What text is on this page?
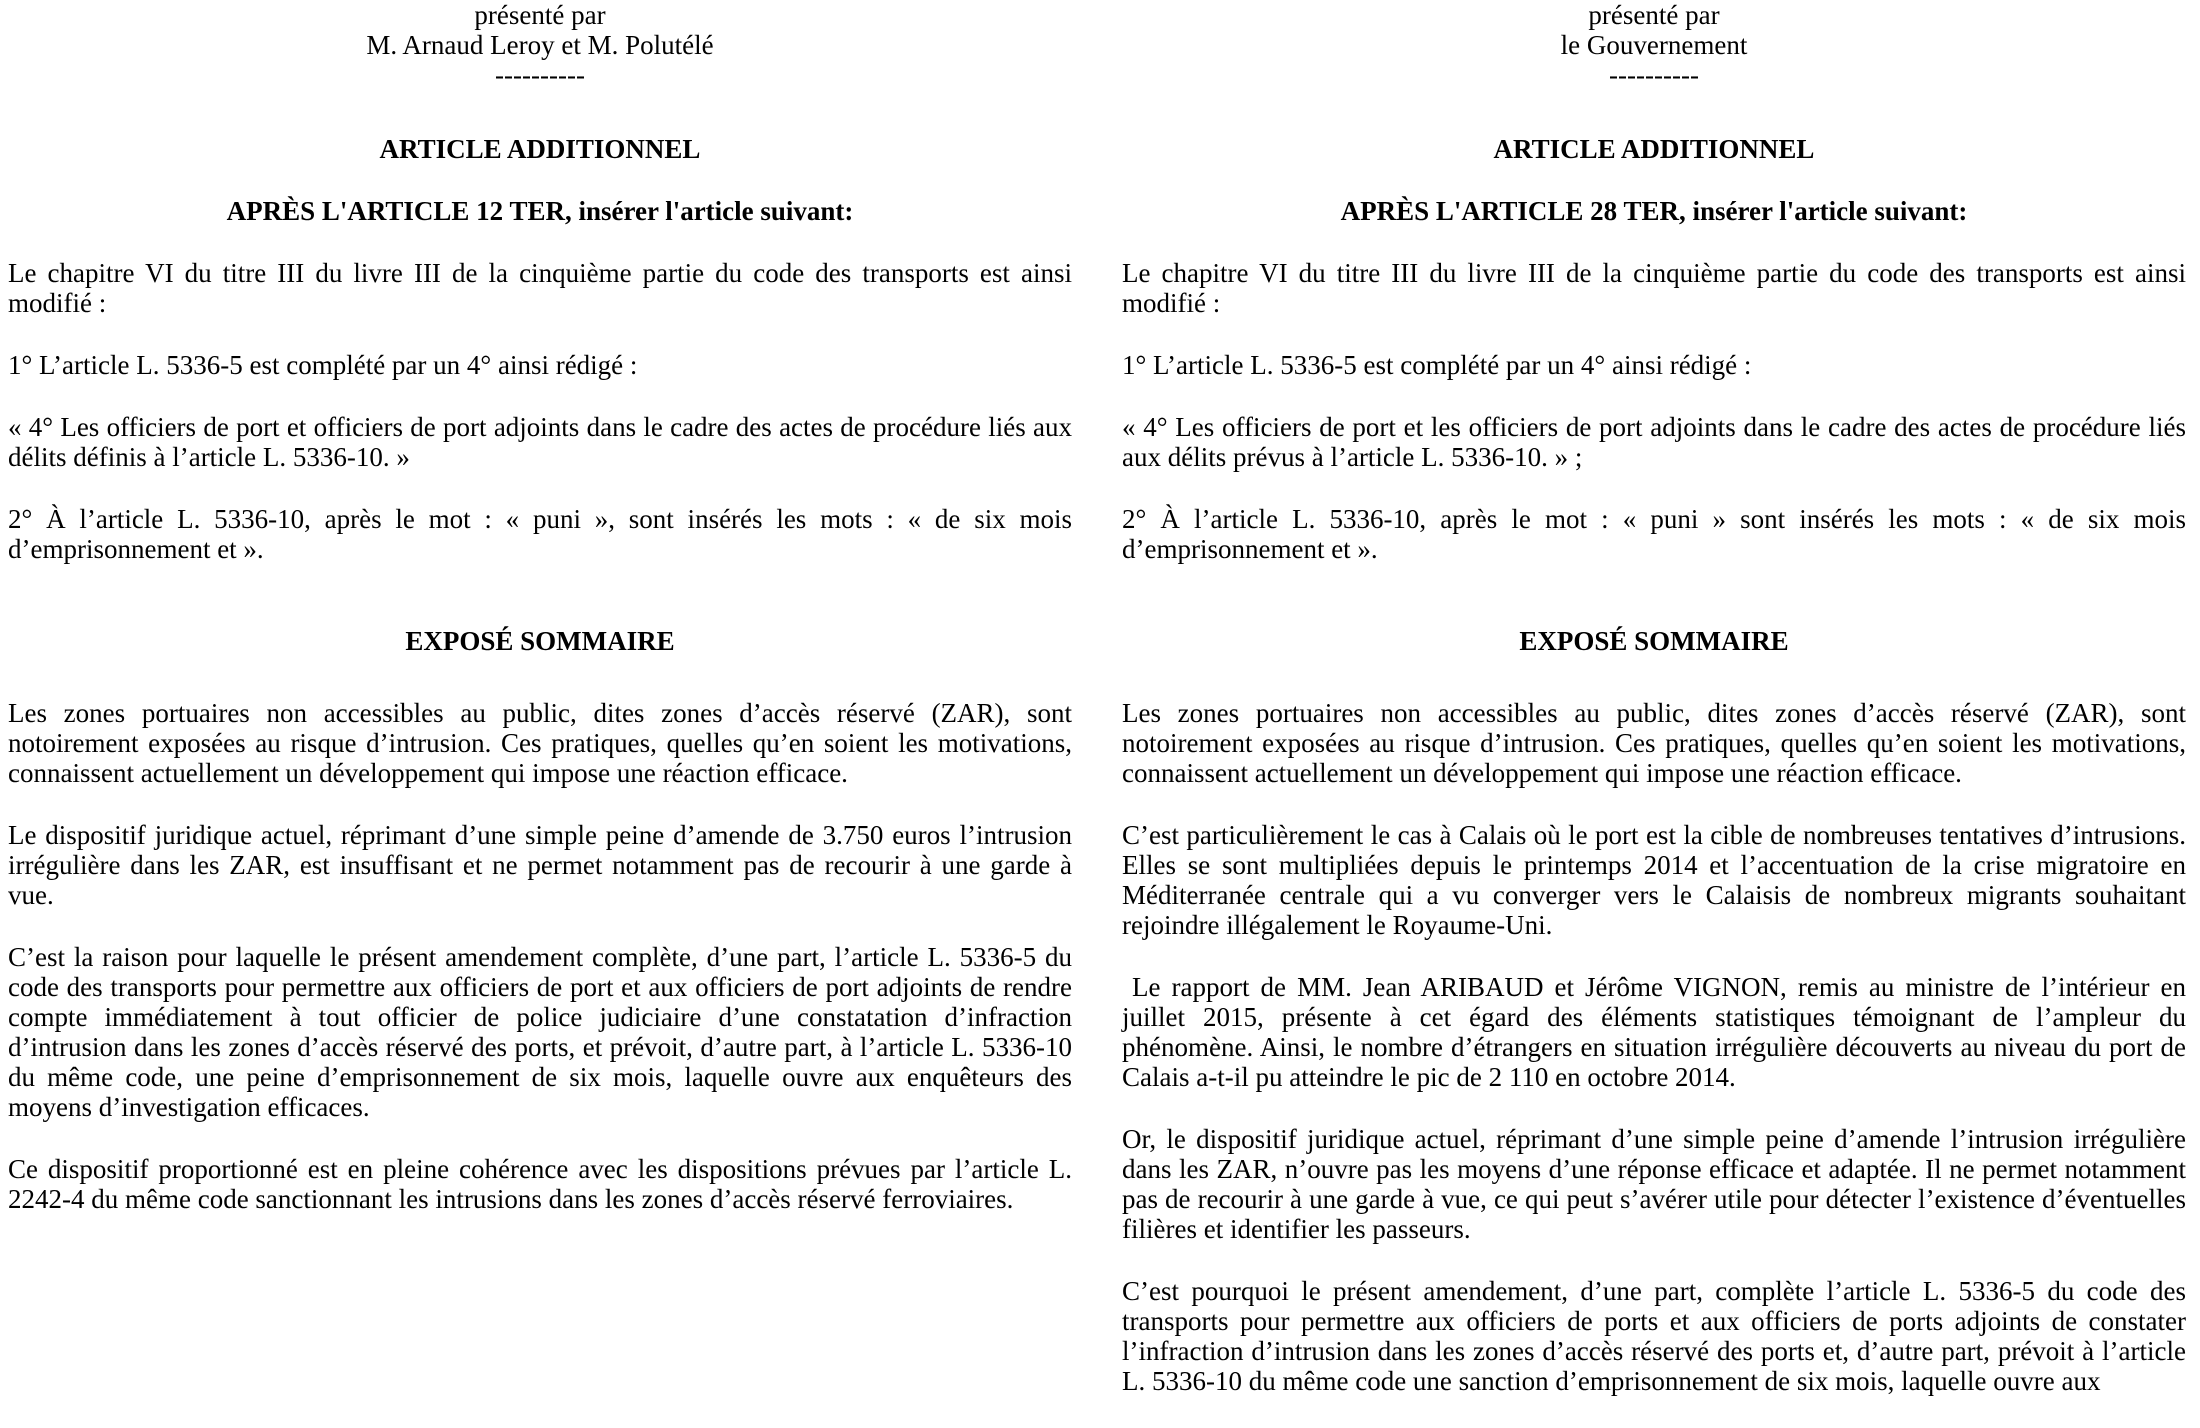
présenté par
M. Arnaud Leroy et M. Polutélé
----------
ARTICLE ADDITIONNEL
APRÈS L'ARTICLE 12 TER, insérer l'article suivant:

Le chapitre VI du titre III du livre III de la cinquième partie du code des transports est ainsi modifié :

1° L’article L. 5336-5 est complété par un 4° ainsi rédigé :

« 4° Les officiers de port et officiers de port adjoints dans le cadre des actes de procédure liés aux délits définis à l’article L. 5336-10. »

2° À l’article L. 5336-10, après le mot : « puni », sont insérés les mots : « de six mois d’emprisonnement et ».

EXPOSÉ SOMMAIRE

Les zones portuaires non accessibles au public, dites zones d’accès réservé (ZAR), sont notoirement exposées au risque d’intrusion. Ces pratiques, quelles qu’en soient les motivations, connaissent actuellement un développement qui impose une réaction efficace.

Le dispositif juridique actuel, réprimant d’une simple peine d’amende de 3.750 euros l’intrusion irrégulière dans les ZAR, est insuffisant et ne permet notamment pas de recourir à une garde à vue.

C’est la raison pour laquelle le présent amendement complète, d’une part, l’article L. 5336-5 du code des transports pour permettre aux officiers de port et aux officiers de port adjoints de rendre compte immédiatement à tout officier de police judiciaire d’une constatation d’infraction d’intrusion dans les zones d’accès réservé des ports, et prévoit, d’autre part, à l’article L. 5336-10 du même code, une peine d’emprisonnement de six mois, laquelle ouvre aux enquêteurs des moyens d’investigation efficaces.

Ce dispositif proportionné est en pleine cohérence avec les dispositions prévues par l’article L. 2242-4 du même code sanctionnant les intrusions dans les zones d’accès réservé ferroviaires.

présenté par
le Gouvernement
----------
ARTICLE ADDITIONNEL
APRÈS L'ARTICLE 28 TER, insérer l'article suivant:

Le chapitre VI du titre III du livre III de la cinquième partie du code des transports est ainsi modifié :

1° L’article L. 5336-5 est complété par un 4° ainsi rédigé :

« 4° Les officiers de port et les officiers de port adjoints dans le cadre des actes de procédure liés aux délits prévus à l’article L. 5336-10. » ;

2° À l’article L. 5336-10, après le mot : « puni » sont insérés les mots : « de six mois d’emprisonnement et ».

EXPOSÉ SOMMAIRE

Les zones portuaires non accessibles au public, dites zones d’accès réservé (ZAR), sont notoirement exposées au risque d’intrusion. Ces pratiques, quelles qu’en soient les motivations, connaissent actuellement un développement qui impose une réaction efficace.

C’est particulièrement le cas à Calais où le port est la cible de nombreuses tentatives d’intrusions. Elles se sont multipliées depuis le printemps 2014 et l’accentuation de la crise migratoire en Méditerranée centrale qui a vu converger vers le Calaisis de nombreux migrants souhaitant rejoindre illégalement le Royaume-Uni.

Le rapport de MM. Jean ARIBAUD et Jérôme VIGNON, remis au ministre de l’intérieur en juillet 2015, présente à cet égard des éléments statistiques témoignant de l’ampleur du phénomène. Ainsi, le nombre d’étrangers en situation irrégulière découverts au niveau du port de Calais a-t-il pu atteindre le pic de 2 110 en octobre 2014.

Or, le dispositif juridique actuel, réprimant d’une simple peine d’amende l’intrusion irrégulière dans les ZAR, n’ouvre pas les moyens d’une réponse efficace et adaptée. Il ne permet notamment pas de recourir à une garde à vue, ce qui peut s’avérer utile pour détecter l’existence d’éventuelles filières et identifier les passeurs.

C’est pourquoi le présent amendement, d’une part, complète l’article L. 5336-5 du code des transports pour permettre aux officiers de ports et aux officiers de ports adjoints de constater l’infraction d’intrusion dans les zones d’accès réservé des ports et, d’autre part, prévoit à l’article L. 5336-10 du même code une sanction d’emprisonnement de six mois, laquelle ouvre aux
